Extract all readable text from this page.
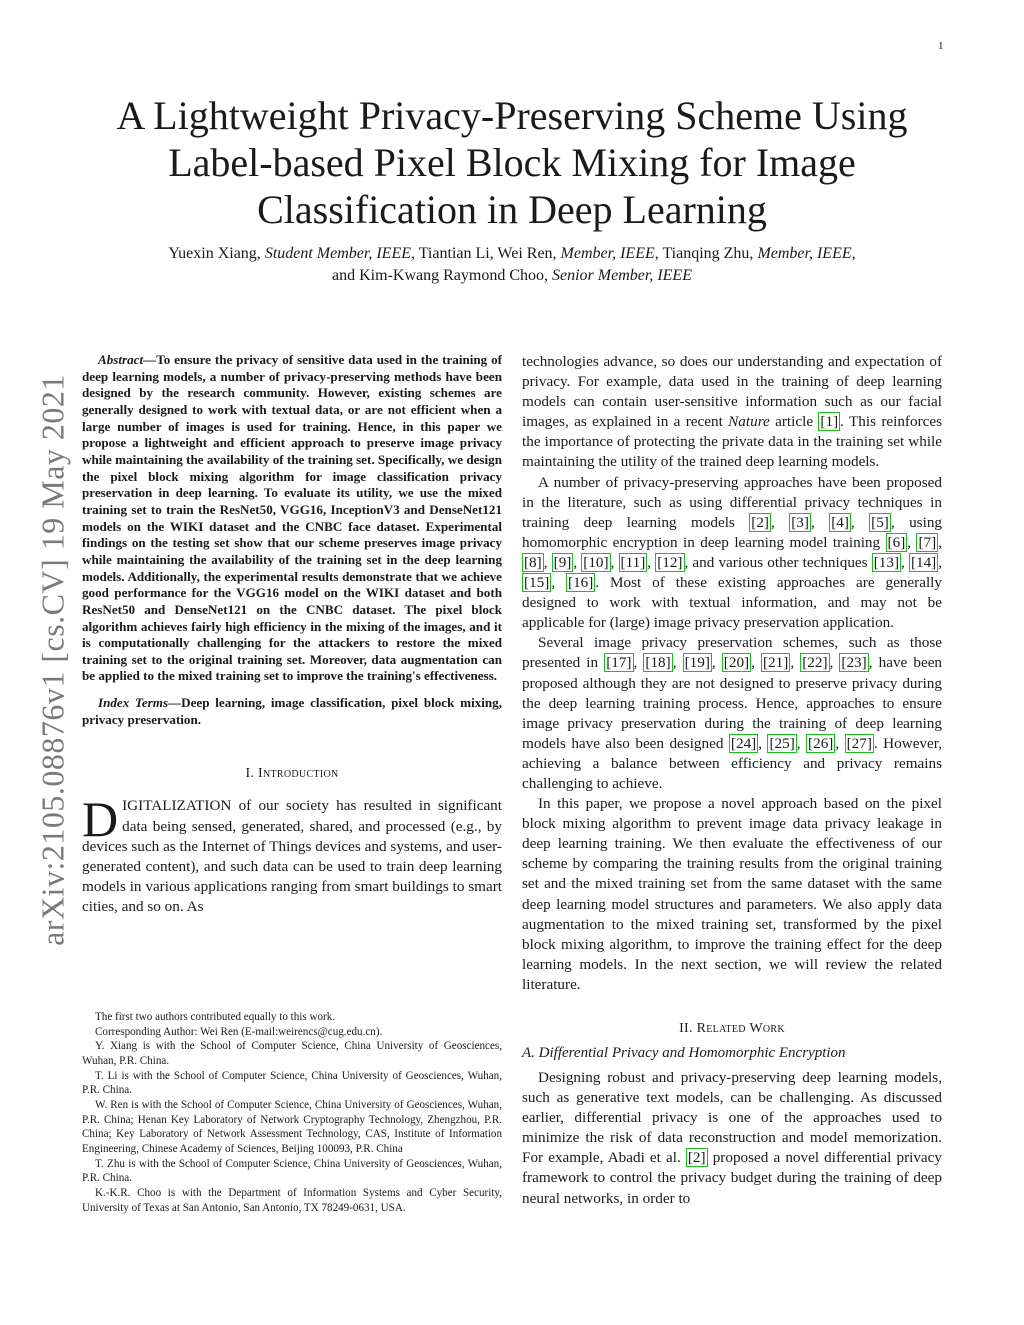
1
A Lightweight Privacy-Preserving Scheme Using Label-based Pixel Block Mixing for Image Classification in Deep Learning
Yuexin Xiang, Student Member, IEEE, Tiantian Li, Wei Ren, Member, IEEE, Tianqing Zhu, Member, IEEE,
and Kim-Kwang Raymond Choo, Senior Member, IEEE
arXiv:2105.08876v1 [cs.CV] 19 May 2021

Abstract—To ensure the privacy of sensitive data used in the training of deep learning models, a number of privacy-preserving methods have been designed by the research community. However, existing schemes are generally designed to work with textual data, or are not efficient when a large number of images is used for training. Hence, in this paper we propose a lightweight and efficient approach to preserve image privacy while maintaining the availability of the training set. Specifically, we design the pixel block mixing algorithm for image classification privacy preservation in deep learning. To evaluate its utility, we use the mixed training set to train the ResNet50, VGG16, InceptionV3 and DenseNet121 models on the WIKI dataset and the CNBC face dataset. Experimental findings on the testing set show that our scheme preserves image privacy while maintaining the availability of the training set in the deep learning models. Additionally, the experimental results demonstrate that we achieve good performance for the VGG16 model on the WIKI dataset and both ResNet50 and DenseNet121 on the CNBC dataset. The pixel block algorithm achieves fairly high efficiency in the mixing of the images, and it is computationally challenging for the attackers to restore the mixed training set to the original training set. Moreover, data augmentation can be applied to the mixed training set to improve the training's effectiveness.

Index Terms—Deep learning, image classification, pixel block mixing, privacy preservation.

I. Introduction

DIGITALIZATION of our society has resulted in significant data being sensed, generated, shared, and processed (e.g., by devices such as the Internet of Things devices and systems, and user-generated content), and such data can be used to train deep learning models in various applications ranging from smart buildings to smart cities, and so on. As

The first two authors contributed equally to this work.

Corresponding Author: Wei Ren (E-mail:weirencs@cug.edu.cn).

Y. Xiang is with the School of Computer Science, China University of Geosciences, Wuhan, P.R. China.

T. Li is with the School of Computer Science, China University of Geosciences, Wuhan, P.R. China.

W. Ren is with the School of Computer Science, China University of Geosciences, Wuhan, P.R. China; Henan Key Laboratory of Network Cryptography Technology, Zhengzhou, P.R. China; Key Laboratory of Network Assessment Technology, CAS, Institute of Information Engineering, Chinese Academy of Sciences, Beijing 100093, P.R. China

T. Zhu is with the School of Computer Science, China University of Geosciences, Wuhan, P.R. China.

K.-K.R. Choo is with the Department of Information Systems and Cyber Security, University of Texas at San Antonio, San Antonio, TX 78249-0631, USA.

technologies advance, so does our understanding and expectation of privacy. For example, data used in the training of deep learning models can contain user-sensitive information such as our facial images, as explained in a recent Nature article [1] . This reinforces the importance of protecting the private data in the training set while maintaining the utility of the trained deep learning models.

A number of privacy-preserving approaches have been proposed in the literature, such as using differential privacy techniques in training deep learning models [2] , [3] , [4] , [5] , using homomorphic encryption in deep learning model training [6] , [7] , [8] , [9] , [10] , [11] , [12] , and various other techniques [13] , [14] , [15] , [16] . Most of these existing approaches are generally designed to work with textual information, and may not be applicable for (large) image privacy preservation application.

Several image privacy preservation schemes, such as those presented in [17] , [18] , [19] , [20] , [21] , [22] , [23] , have been proposed although they are not designed to preserve privacy during the deep learning training process. Hence, approaches to ensure image privacy preservation during the training of deep learning models have also been designed [24] , [25] , [26] , [27] . However, achieving a balance between efficiency and privacy remains challenging to achieve.

In this paper, we propose a novel approach based on the pixel block mixing algorithm to prevent image data privacy leakage in deep learning training. We then evaluate the effectiveness of our scheme by comparing the training results from the original training set and the mixed training set from the same dataset with the same deep learning model structures and parameters. We also apply data augmentation to the mixed training set, transformed by the pixel block mixing algorithm, to improve the training effect for the deep learning models. In the next section, we will review the related literature.

II. Related Work

A. Differential Privacy and Homomorphic Encryption

Designing robust and privacy-preserving deep learning models, such as generative text models, can be challenging. As discussed earlier, differential privacy is one of the approaches used to minimize the risk of data reconstruction and model memorization. For example, Abadi et al. [2] proposed a novel differential privacy framework to control the privacy budget during the training of deep neural networks, in order to
